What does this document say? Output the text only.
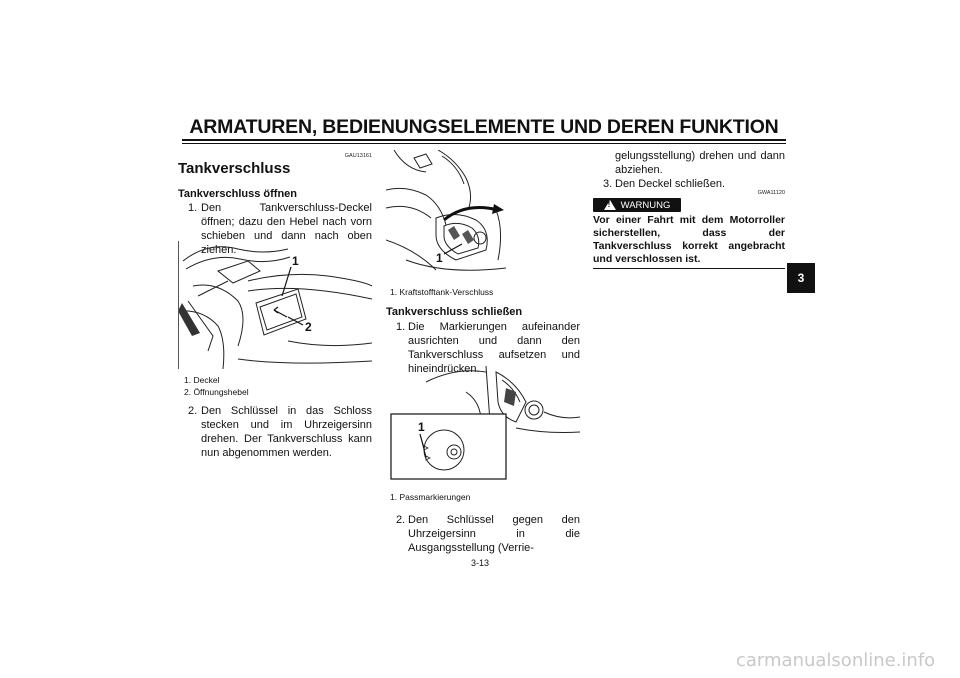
ARMATUREN, BEDIENUNGSELEMENTE UND DEREN FUNKTION
3
GAU13161
Tankverschluss
Tankverschluss öffnen
1. Den Tankverschluss-Deckel öffnen; dazu den Hebel nach vorn schieben und dann nach oben ziehen.
1
2
1. Deckel
2. Öffnungshebel
2. Den Schlüssel in das Schloss stecken und im Uhrzeigersinn drehen. Der Tankverschluss kann nun abgenommen werden.
1
1. Kraftstofftank-Verschluss
Tankverschluss schließen
1. Die Markierungen aufeinander ausrichten und dann den Tankverschluss aufsetzen und hineindrücken.
1
1. Passmarkierungen
2. Den Schlüssel gegen den Uhrzeigersinn in die Ausgangsstellung (Verrie-
gelungsstellung) drehen und dann abziehen.
3. Den Deckel schließen.
GWA11120
! WARNUNG
Vor einer Fahrt mit dem Motorroller sicherstellen, dass der Tankverschluss korrekt angebracht und verschlossen ist.
3-13
carmanualsonline.info
